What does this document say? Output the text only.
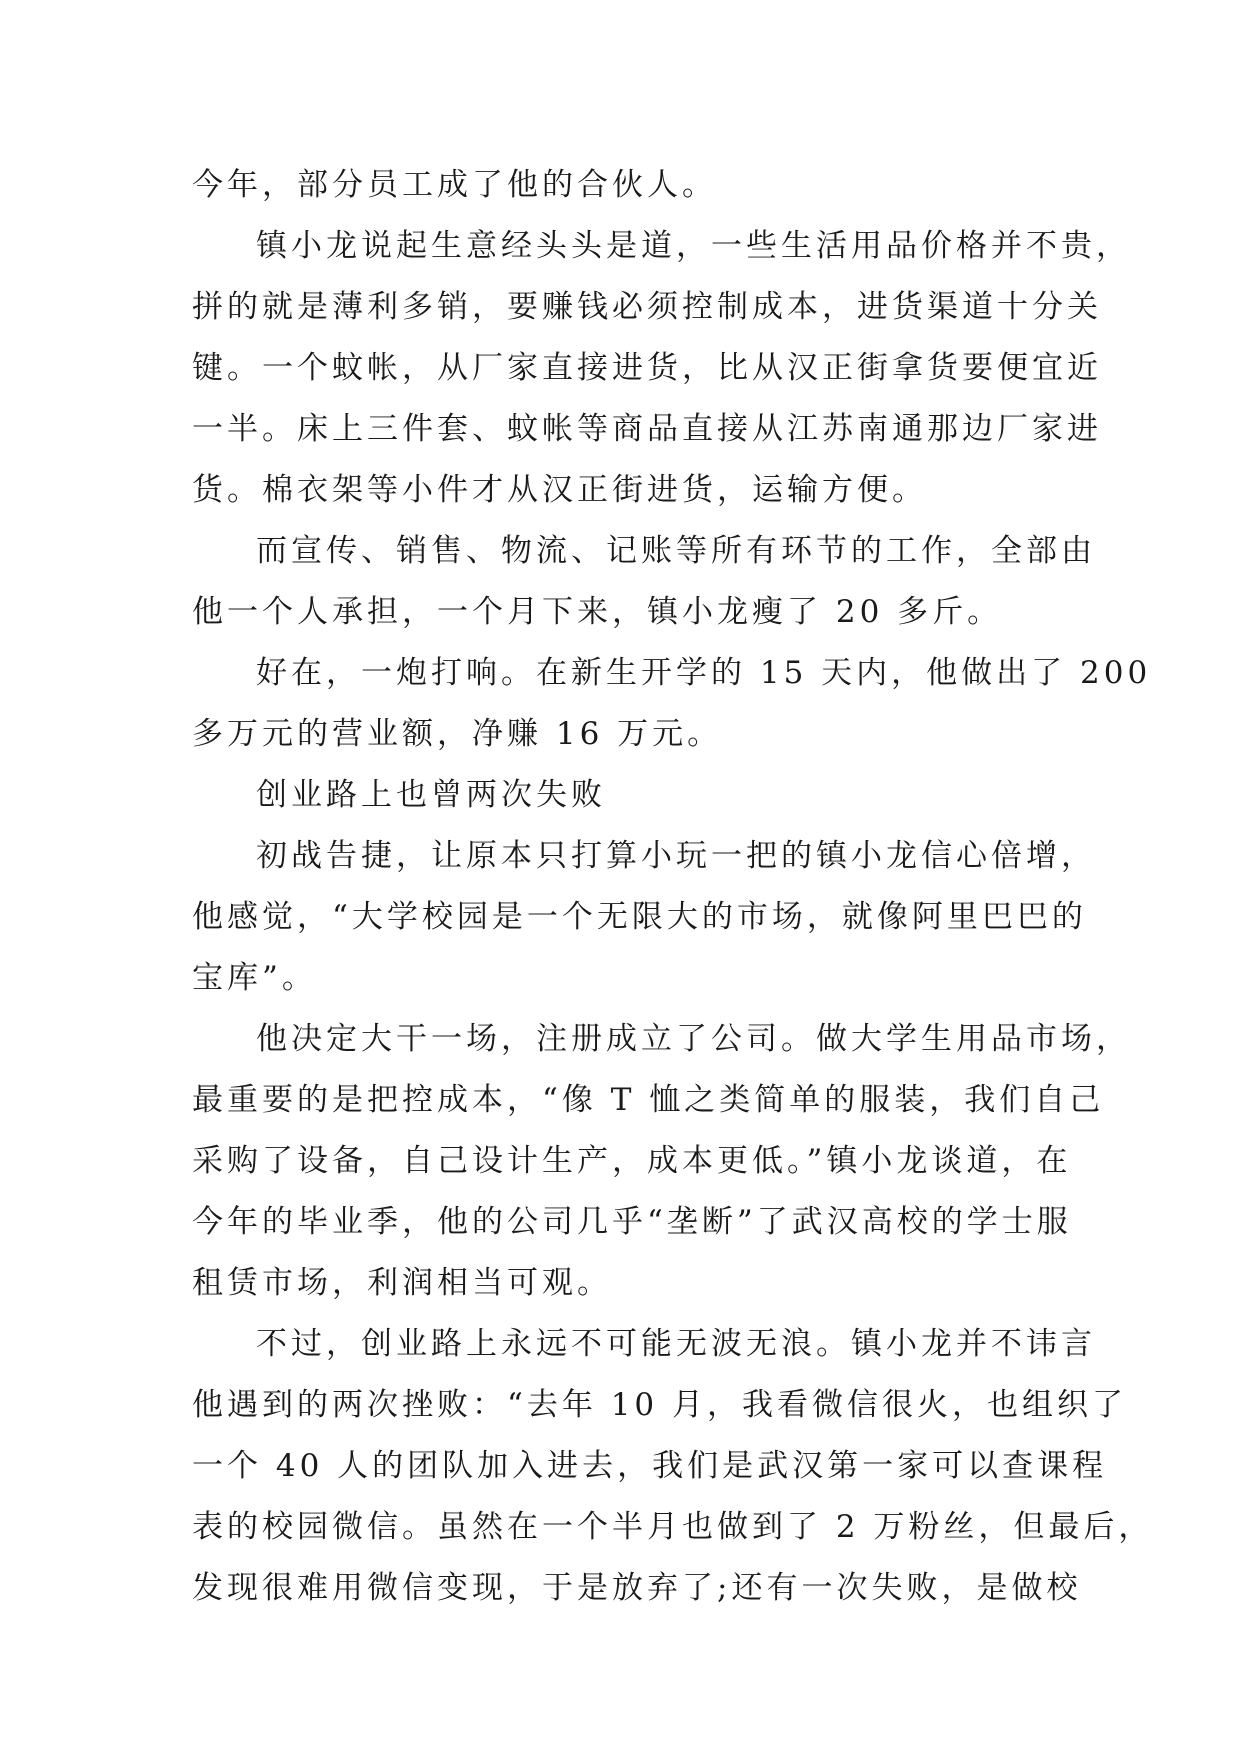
今年，部分员工成了他的合伙人。
镇小龙说起生意经头头是道，一些生活用品价格并不贵，
拼的就是薄利多销，要赚钱必须控制成本，进货渠道十分关
键。一个蚊帐，从厂家直接进货，比从汉正街拿货要便宜近
一半。床上三件套、蚊帐等商品直接从江苏南通那边厂家进
货。棉衣架等小件才从汉正街进货，运输方便。
而宣传、销售、物流、记账等所有环节的工作，全部由
他一个人承担，一个月下来，镇小龙瘦了 20 多斤。
好在，一炮打响。在新生开学的 15 天内，他做出了 200
多万元的营业额，净赚 16 万元。
创业路上也曾两次失败
初战告捷，让原本只打算小玩一把的镇小龙信心倍增，
他感觉，“大学校园是一个无限大的市场，就像阿里巴巴的
宝库”。
他决定大干一场，注册成立了公司。做大学生用品市场，
最重要的是把控成本，“像 T 恤之类简单的服装，我们自己
采购了设备，自己设计生产，成本更低。”镇小龙谈道，在
今年的毕业季，他的公司几乎“垄断”了武汉高校的学士服
租赁市场，利润相当可观。
不过，创业路上永远不可能无波无浪。镇小龙并不讳言
他遇到的两次挫败：“去年 10 月，我看微信很火，也组织了
一个 40 人的团队加入进去，我们是武汉第一家可以查课程
表的校园微信。虽然在一个半月也做到了 2 万粉丝，但最后，
发现很难用微信变现，于是放弃了;还有一次失败，是做校
